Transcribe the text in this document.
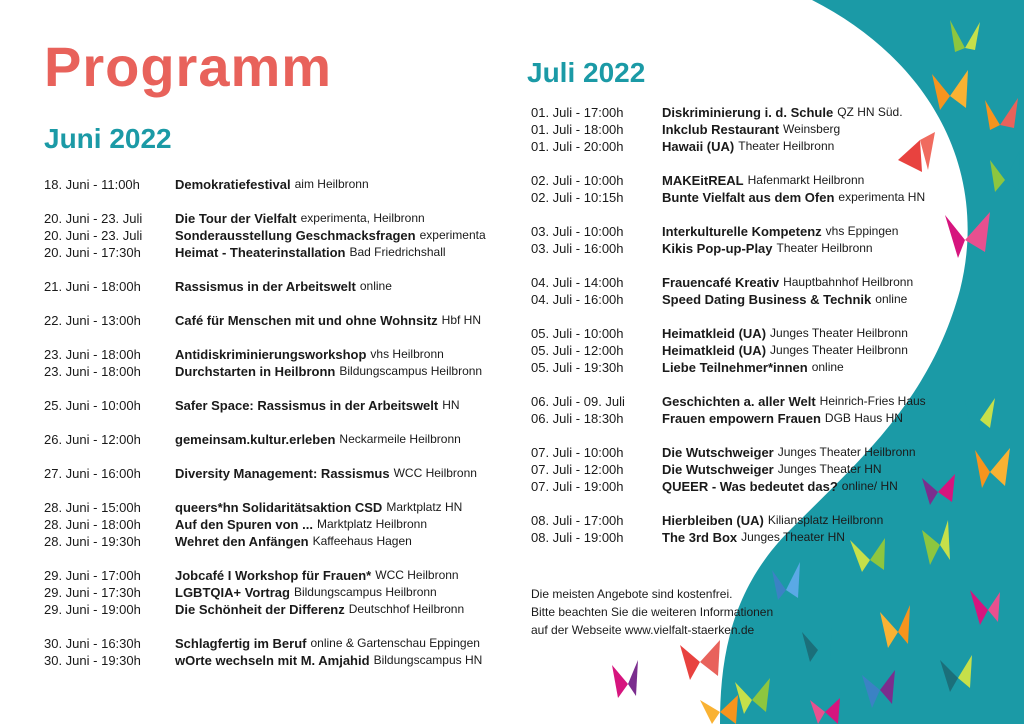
Programm
Juni 2022
Juli 2022
18. Juni - 11:00h	Demokratiefestival aim Heilbronn
20. Juni - 23. Juli	Die Tour der Vielfalt experimenta, Heilbronn
20. Juni - 23. Juli	Sonderausstellung Geschmacksfragen experimenta
20. Juni - 17:30h	Heimat - Theaterinstallation Bad Friedrichshall
21. Juni - 18:00h	Rassismus in der Arbeitswelt online
22. Juni - 13:00h	Café für Menschen mit und ohne Wohnsitz Hbf HN
23. Juni - 18:00h	Antidiskriminierungsworkshop vhs Heilbronn
23. Juni - 18:00h	Durchstarten in Heilbronn Bildungscampus Heilbronn
25. Juni - 10:00h	Safer Space: Rassismus in der Arbeitswelt HN
26. Juni - 12:00h	gemeinsam.kultur.erleben Neckarmeile Heilbronn
27. Juni - 16:00h	Diversity Management: Rassismus WCC Heilbronn
28. Juni - 15:00h	queers*hn Solidaritätsaktion CSD Marktplatz HN
28. Juni - 18:00h	Auf den Spuren von ... Marktplatz Heilbronn
28. Juni - 19:30h	Wehret den Anfängen Kaffeehaus Hagen
29. Juni - 17:00h	Jobcafé I Workshop für Frauen* WCC Heilbronn
29. Juni - 17:30h	LGBTQIA+ Vortrag Bildungscampus Heilbronn
29. Juni - 19:00h	Die Schönheit der Differenz Deutschhof Heilbronn
30. Juni - 16:30h	Schlagfertig im Beruf online & Gartenschau Eppingen
30. Juni - 19:30h	wOrte wechseln mit M. Amjahid Bildungscampus HN
01. Juli - 17:00h	Diskriminierung i. d. Schule QZ HN Süd.
01. Juli - 18:00h	Inkclub Restaurant Weinsberg
01. Juli - 20:00h	Hawaii (UA) Theater Heilbronn
02. Juli - 10:00h	MAKEitREAL Hafenmarkt Heilbronn
02. Juli - 10:15h	Bunte Vielfalt aus dem Ofen experimenta HN
03. Juli - 10:00h	Interkulturelle Kompetenz vhs Eppingen
03. Juli - 16:00h	Kikis Pop-up-Play Theater Heilbronn
04. Juli - 14:00h	Frauencafé Kreativ Hauptbahnhof Heilbronn
04. Juli - 16:00h	Speed Dating Business & Technik online
05. Juli - 10:00h	Heimatkleid (UA) Junges Theater Heilbronn
05. Juli - 12:00h	Heimatkleid (UA) Junges Theater Heilbronn
05. Juli - 19:30h	Liebe Teilnehmer*innen online
06. Juli - 09. Juli	Geschichten a. aller Welt Heinrich-Fries Haus
06. Juli - 18:30h	Frauen empowern Frauen DGB Haus HN
07. Juli - 10:00h	Die Wutschweiger Junges Theater Heilbronn
07. Juli - 12:00h	Die Wutschweiger Junges Theater HN
07. Juli - 19:00h	QUEER - Was bedeutet das? online/ HN
08. Juli - 17:00h	Hierbleiben (UA) Kiliansplatz Heilbronn
08. Juli - 19:00h	The 3rd Box Junges Theater HN
Die meisten Angebote sind kostenfrei.
Bitte beachten Sie die weiteren Informationen
auf der Webseite www.vielfalt-staerken.de
